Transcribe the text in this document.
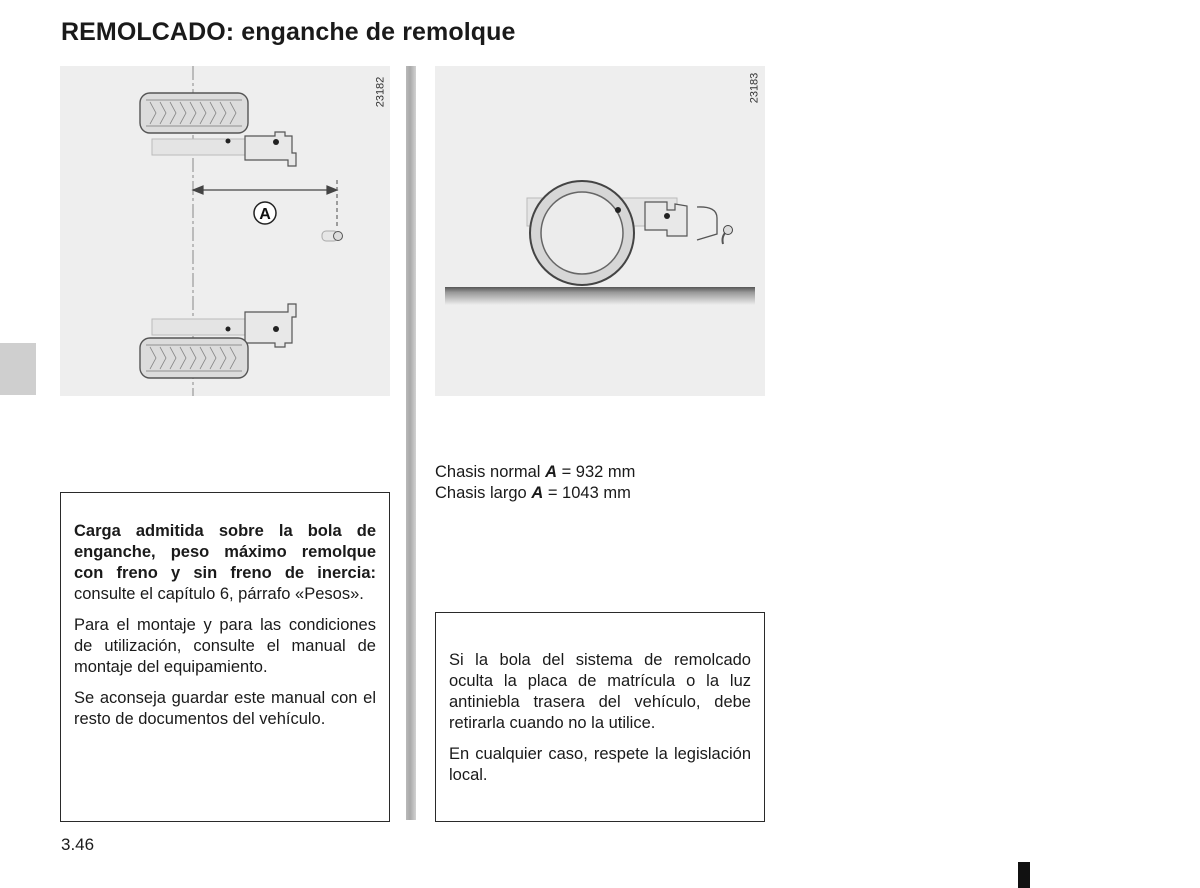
REMOLCADO: enganche de remolque
A
23182	23183
Chasis normal A = 932 mm
Chasis largo A = 1043 mm

Carga admitida sobre la bola de enganche, peso máximo remolque con freno y sin freno de inercia: consulte el capítulo 6, párrafo «Pesos».

Para el montaje y para las condiciones de utilización, consulte el manual de montaje del equipamiento.

Se aconseja guardar este manual con el resto de documentos del vehículo.

Si la bola del sistema de remolcado oculta la placa de matrícula o la luz antiniebla trasera del vehículo, debe retirarla cuando no la utilice.

En cualquier caso, respete la legislación local.

3.46
